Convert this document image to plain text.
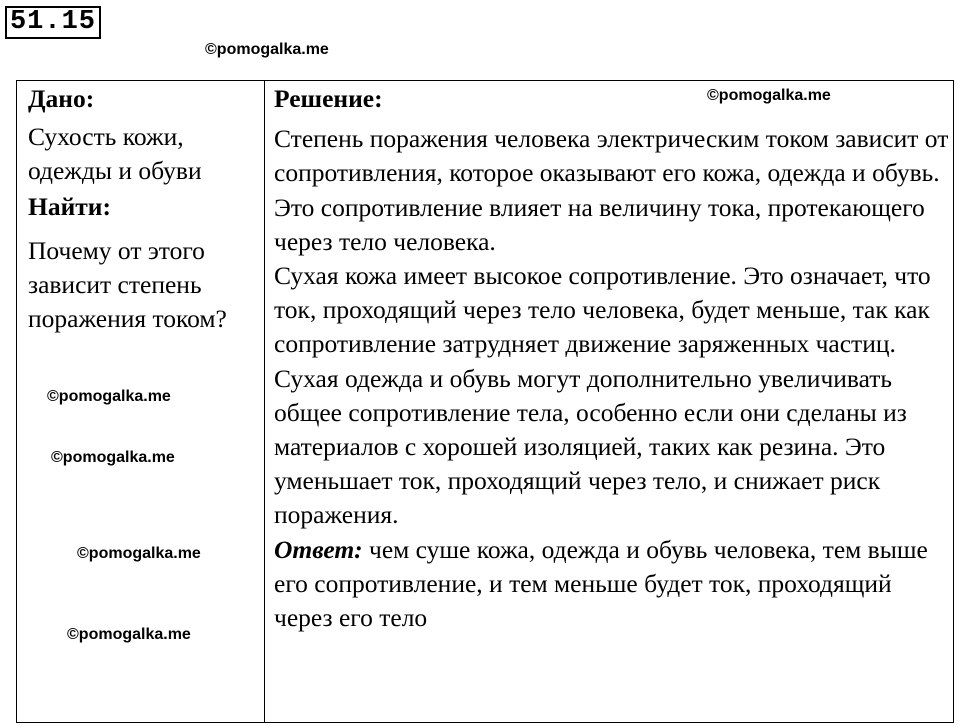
51.15
©pomogalka.me
©pomogalka.me
Дано:
Сухость кожи, одежды и обуви
Найти:
Почему от этого зависит степень поражения током?
©pomogalka.me
©pomogalka.me
©pomogalka.me
©pomogalka.me
Решение:
Степень поражения человека электрическим током зависит от сопротивления, которое оказывают его кожа, одежда и обувь. Это сопротивление влияет на величину тока, протекающего через тело человека.
Сухая кожа имеет высокое сопротивление. Это означает, что ток, проходящий через тело человека, будет меньше, так как сопротивление затрудняет движение заряженных частиц. Сухая одежда и обувь могут дополнительно увеличивать общее сопротивление тела, особенно если они сделаны из материалов с хорошей изоляцией, таких как резина. Это уменьшает ток, проходящий через тело, и снижает риск поражения.
Ответ: чем суше кожа, одежда и обувь человека, тем выше его сопротивление, и тем меньше будет ток, проходящий через его тело
